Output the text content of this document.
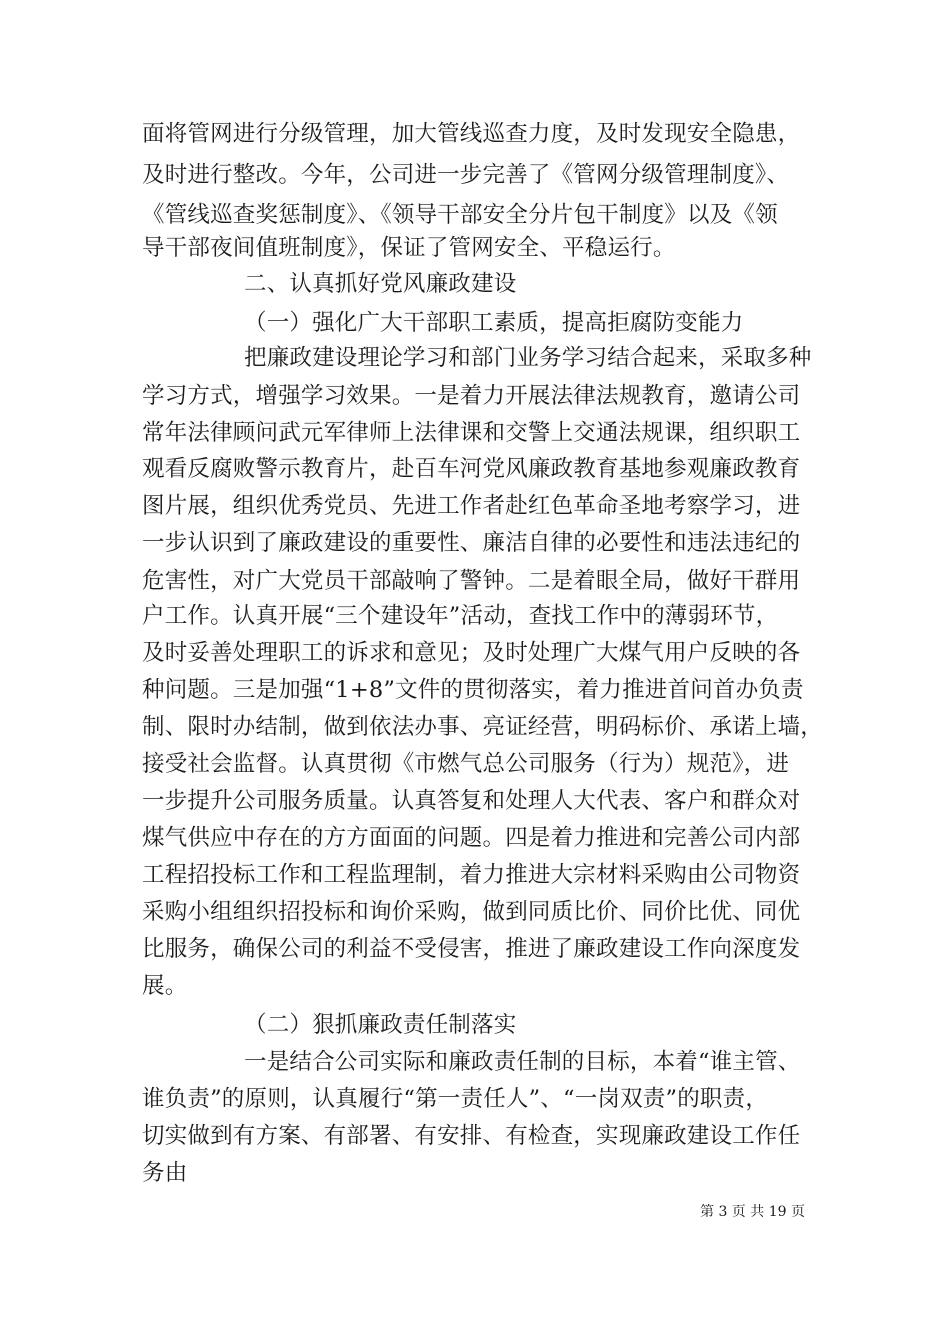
面将管网进行分级管理，加大管线巡查力度，及时发现安全隐患，
及时进行整改。今年，公司进一步完善了《管网分级管理制度》、
《管线巡查奖惩制度》、《领导干部安全分片包干制度》以及《领
导干部夜间值班制度》，保证了管网安全、平稳运行。
二、认真抓好党风廉政建设
（一）强化广大干部职工素质，提高拒腐防变能力
把廉政建设理论学习和部门业务学习结合起来，采取多种
学习方式，增强学习效果。一是着力开展法律法规教育，邀请公司
常年法律顾问武元军律师上法律课和交警上交通法规课，组织职工
观看反腐败警示教育片，赴百车河党风廉政教育基地参观廉政教育
图片展，组织优秀党员、先进工作者赴红色革命圣地考察学习，进
一步认识到了廉政建设的重要性、廉洁自律的必要性和违法违纪的
危害性，对广大党员干部敲响了警钟。二是着眼全局，做好干群用
户工作。认真开展“三个建设年”活动，查找工作中的薄弱环节，
及时妥善处理职工的诉求和意见；及时处理广大煤气用户反映的各
种问题。三是加强“1+8”文件的贯彻落实，着力推进首问首办负责
制、限时办结制，做到依法办事、亮证经营，明码标价、承诺上墙，
接受社会监督。认真贯彻《市燃气总公司服务（行为）规范》，进
一步提升公司服务质量。认真答复和处理人大代表、客户和群众对
煤气供应中存在的方方面面的问题。四是着力推进和完善公司内部
工程招投标工作和工程监理制，着力推进大宗材料采购由公司物资
采购小组组织招投标和询价采购，做到同质比价、同价比优、同优
比服务，确保公司的利益不受侵害，推进了廉政建设工作向深度发
展。
（二）狠抓廉政责任制落实
一是结合公司实际和廉政责任制的目标，本着“谁主管、
谁负责”的原则，认真履行“第一责任人”、“一岗双责”的职责，
切实做到有方案、有部署、有安排、有检查，实现廉政建设工作任
务由
第 3 页 共 19 页
